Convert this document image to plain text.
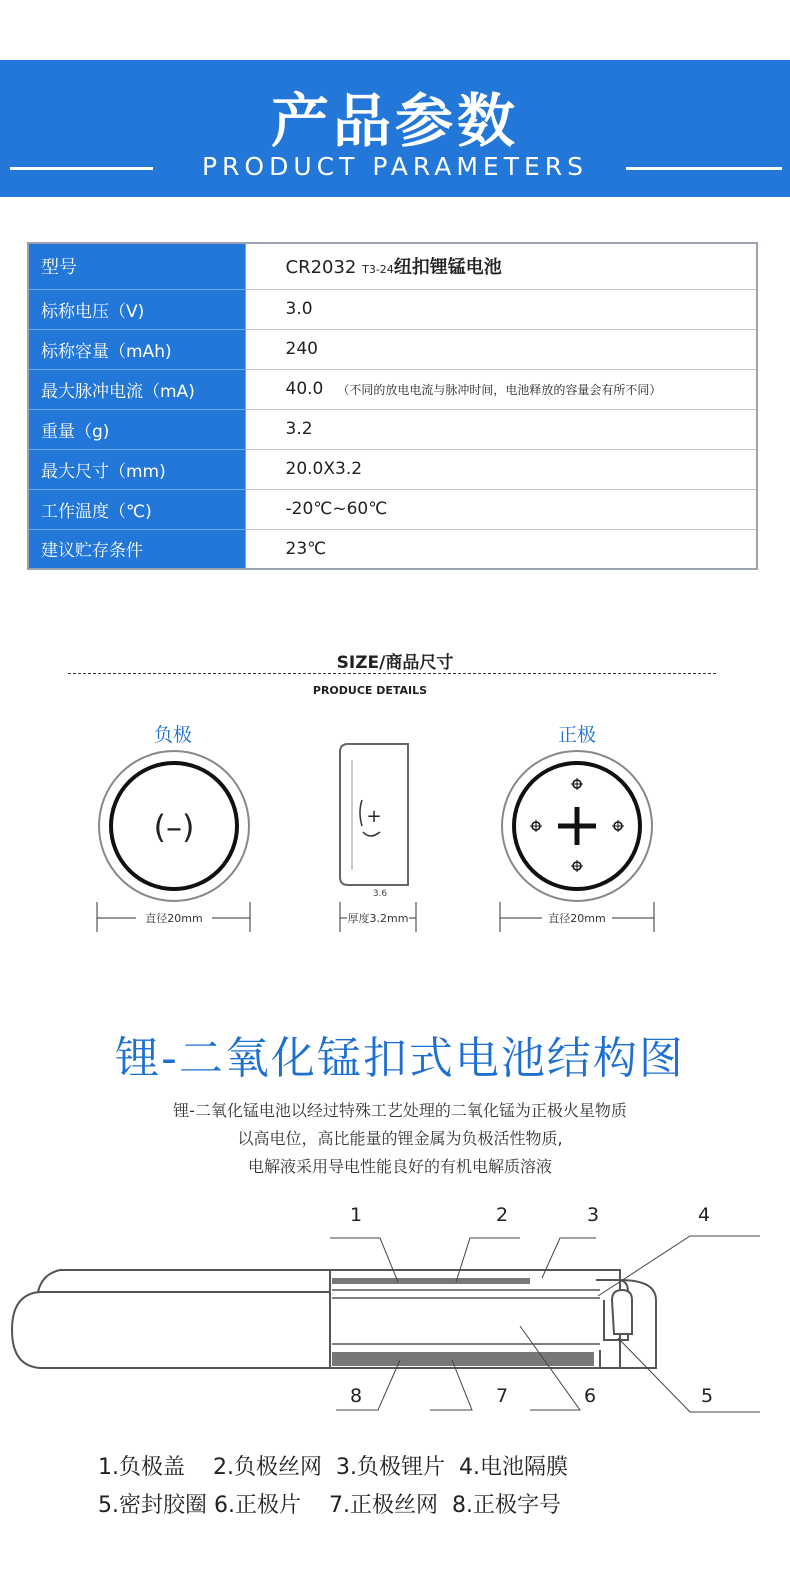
产品参数
PRODUCT PARAMETERS
型号	CR2032 T3-24纽扣锂锰电池
标称电压（V)	3.0
标称容量（mAh)	240
最大脉冲电流（mA)	40.0 （不同的放电电流与脉冲时间，电池释放的容量会有所不同）
重量（g)	3.2
最大尺寸（mm)	20.0X3.2
工作温度（℃)	-20℃~60℃
建议贮存条件	23℃
SIZE/商品尺寸
PRODUCE DETAILS
负极	正极
(–)	+
3.6
直径20mm	厚度3.2mm	直径20mm
锂-二氧化锰扣式电池结构图
锂-二氧化锰电池以经过特殊工艺处理的二氧化锰为正极火星物质
以高电位，高比能量的锂金属为负极活性物质,
电解液采用导电性能良好的有机电解质溶液
1	2	3	4
5
6
7
8
1.负极盖 2.负极丝网 3.负极锂片 4.电池隔膜
5.密封胶圈 6.正极片 7.正极丝网 8.正极字号
